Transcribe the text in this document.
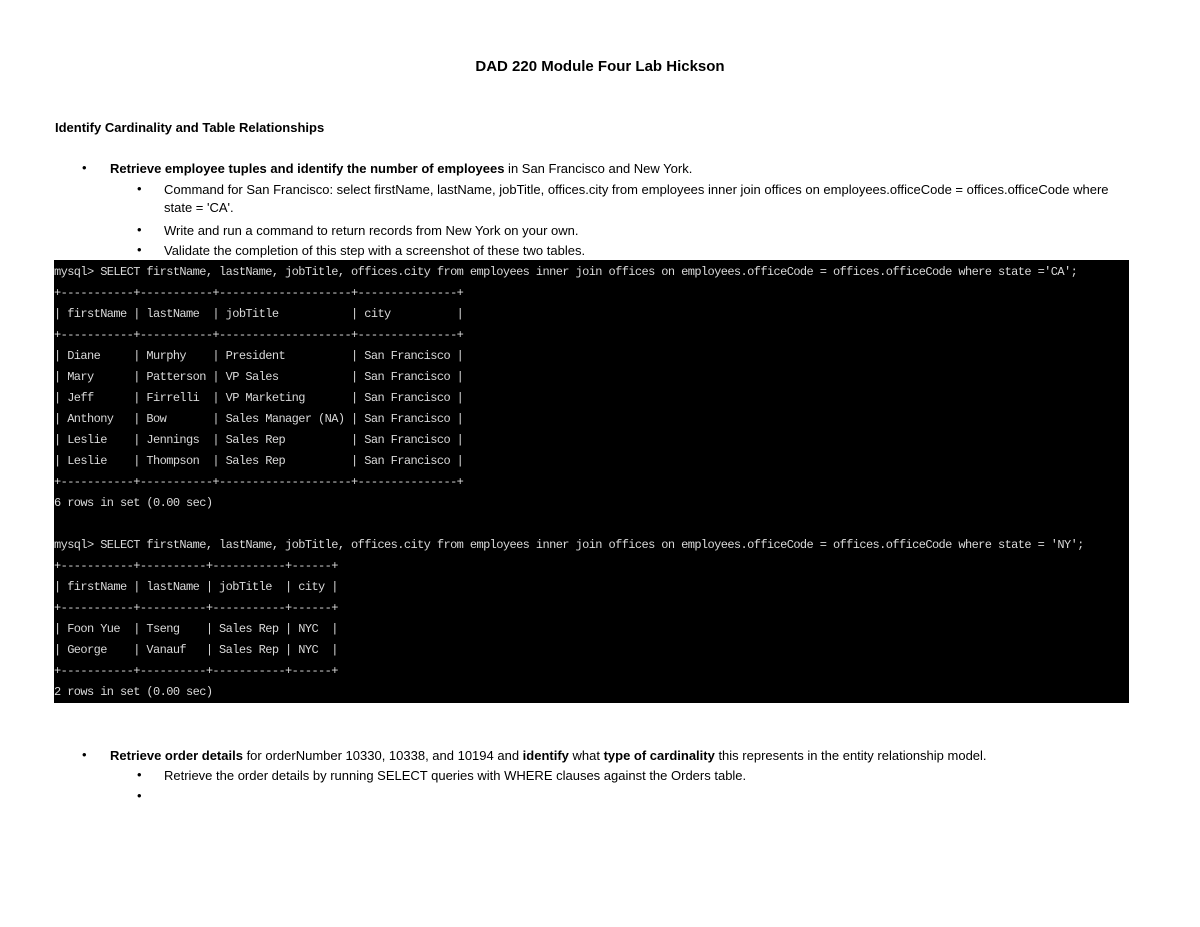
DAD 220 Module Four Lab Hickson
Identify Cardinality and Table Relationships
• Retrieve employee tuples and identify the number of employees in San Francisco and New York.
• Command for San Francisco: select firstName, lastName, jobTitle, offices.city from employees inner join offices on employees.officeCode = offices.officeCode where state = 'CA'.
• Write and run a command to return records from New York on your own.
• Validate the completion of this step with a screenshot of these two tables.
mysql> SELECT firstName, lastName, jobTitle, offices.city from employees inner join offices on employees.officeCode = offices.officeCode where state ='CA';
+-----------+-----------+--------------------+---------------+
| firstName | lastName  | jobTitle           | city          |
+-----------+-----------+--------------------+---------------+
| Diane     | Murphy    | President          | San Francisco |
| Mary      | Patterson | VP Sales           | San Francisco |
| Jeff      | Firrelli  | VP Marketing       | San Francisco |
| Anthony   | Bow       | Sales Manager (NA) | San Francisco |
| Leslie    | Jennings  | Sales Rep          | San Francisco |
| Leslie    | Thompson  | Sales Rep          | San Francisco |
+-----------+-----------+--------------------+---------------+
6 rows in set (0.00 sec)

mysql> SELECT firstName, lastName, jobTitle, offices.city from employees inner join offices on employees.officeCode = offices.officeCode where state = 'NY';
+-----------+----------+-----------+------+
| firstName | lastName | jobTitle  | city |
+-----------+----------+-----------+------+
| Foon Yue  | Tseng    | Sales Rep | NYC  |
| George    | Vanauf   | Sales Rep | NYC  |
+-----------+----------+-----------+------+
2 rows in set (0.00 sec)
• Retrieve order details for orderNumber 10330, 10338, and 10194 and identify what type of cardinality this represents in the entity relationship model.
• Retrieve the order details by running SELECT queries with WHERE clauses against the Orders table.
•
